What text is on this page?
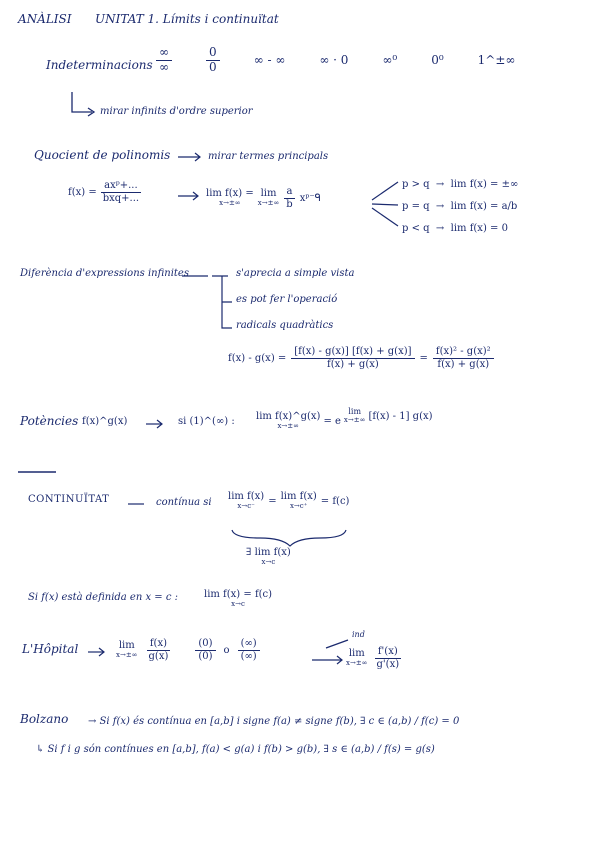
ANÀLISI UNITAT 1. Límits i continuïtat
Indeterminacions $\frac{\infty}{\infty}$	$\frac{0}{0}$	∞ - ∞	∞ · 0	∞⁰	0⁰	1^±∞
mirar infinits d'ordre superior
Quocient de polinomis	mirar termes principals
$f(x) = \frac{\text{axᵖ+...}}{\text{bxq+...}}$	lim f(x) =
x→±∞
lim
$x\to\pm\infty \frac{a}{b}$ xᵖ⁻ᑫ
p > q  →  lim f(x) = ±∞
p = q  →  lim f(x) = a/b
p < q  →  lim f(x) = 0
Diferència d'expressions infinites	s'aprecia a simple vista
es pot fer l'operació
radicals quadràtics
$f(x) - g(x) = \frac{[f(x) - g(x)] [f(x) + g(x)]}{f(x) + g(x)} = \frac{\text{f(x)² - g(x)²}}{f(x) + g(x)}$
Potències f(x)^g(x)	si (1)^(∞) : lim f(x)^g(x)
x→±∞ = e
lim
x→±∞ [f(x) - 1] g(x)
CONTINUÏTAT	contínua si
lim f(x)
x→c⁻ = lim f(x)
x→c⁺ = f(c)
∃ lim f(x)
x→c
Si f(x) està definida en x = c :	lim f(x) = f(c)
x→c
L'Hôpital	lim
$x\to\pm\infty \frac{f(x)}{g(x)} \frac{(0)}{(0)}$ o $\frac{(\infty)}{(\infty)}$
ind
lim
$x\to\pm\infty \frac{f'(x)}{g'(x)}$
Bolzano → Si f(x) és contínua en [a,b] i signe f(a) ≠ signe f(b), ∃ c ∈ (a,b) / f(c) = 0
↳ Si f i g són contínues en [a,b], f(a) < g(a) i f(b) > g(b), ∃ s ∈ (a,b) / f(s) = g(s)
